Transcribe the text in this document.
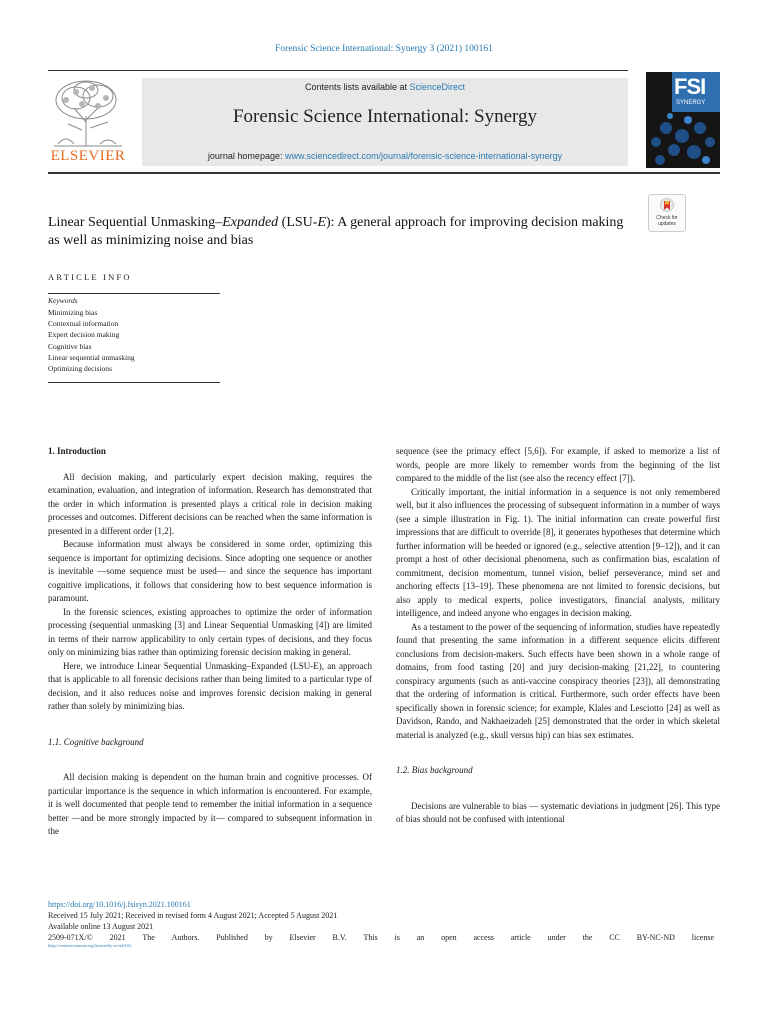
Forensic Science International: Synergy 3 (2021) 100161
ELSEVIER
Contents lists available at ScienceDirect
Forensic Science International: Synergy
journal homepage: www.sciencedirect.com/journal/forensic-science-international-synergy
FSI
SYNERGY
Linear Sequential Unmasking–Expanded (LSU-E): A general approach for improving decision making as well as minimizing noise and bias
Check for updates
ARTICLE INFO
Keywords
Minimizing bias
Contextual information
Expert decision making
Cognitive bias
Linear sequential unmasking
Optimizing decisions
1. Introduction

All decision making, and particularly expert decision making, requires the examination, evaluation, and integration of information. Research has demonstrated that the order in which information is presented plays a critical role in decision making processes and outcomes. Different decisions can be reached when the same information is presented in a different order [1,2].

Because information must always be considered in some order, optimizing this sequence is important for optimizing decisions. Since adopting one sequence or another is inevitable —some sequence must be used— and since the sequence has important cognitive implications, it follows that considering how to best sequence information is paramount.

In the forensic sciences, existing approaches to optimize the order of information processing (sequential unmasking [3] and Linear Sequential Unmasking [4]) are limited in terms of their narrow applicability to only certain types of decisions, and they focus only on minimizing bias rather than optimizing forensic decision making in general.

Here, we introduce Linear Sequential Unmasking–Expanded (LSU-E), an approach that is applicable to all forensic decisions rather than being limited to a particular type of decision, and it also reduces noise and improves forensic decision making in general rather than solely by minimizing bias.

1.1. Cognitive background

All decision making is dependent on the human brain and cognitive processes. Of particular importance is the sequence in which information is encountered. For example, it is well documented that people tend to remember the initial information in a sequence better —and be more strongly impacted by it— compared to subsequent information in the

sequence (see the primacy effect [5,6]). For example, if asked to memorize a list of words, people are more likely to remember words from the beginning of the list compared to the middle of the list (see also the recency effect [7]).

Critically important, the initial information in a sequence is not only remembered well, but it also influences the processing of subsequent information in a number of ways (see a simple illustration in Fig. 1). The initial information can create powerful first impressions that are difficult to override [8], it generates hypotheses that determine which further information will be heeded or ignored (e.g., selective attention [9–12]), and it can prompt a host of other decisional phenomena, such as confirmation bias, escalation of commitment, decision momentum, tunnel vision, belief perseverance, mind set and anchoring effects [13–19]. These phenomena are not limited to forensic decisions, but also apply to medical experts, police investigators, financial analysts, military intelligence, and indeed anyone who engages in decision making.

As a testament to the power of the sequencing of information, studies have repeatedly found that presenting the same information in a different sequence elicits different conclusions from decision-makers. Such effects have been shown in a whole range of domains, from food tasting [20] and jury decision-making [21,22], to countering conspiracy arguments (such as anti-vaccine conspiracy theories [23]), all demonstrating that the ordering of information is critical. Furthermore, such order effects have been specifically shown in forensic science; for example, Klales and Lesciotto [24] as well as Davidson, Rando, and Nakhaeizadeh [25] demonstrated that the order in which skeletal material is analyzed (e.g., skull versus hip) can bias sex estimates.

1.2. Bias background

Decisions are vulnerable to bias — systematic deviations in judgment [26]. This type of bias should not be confused with intentional

https://doi.org/10.1016/j.fsisyn.2021.100161
Received 15 July 2021; Received in revised form 4 August 2021; Accepted 5 August 2021
Available online 13 August 2021
2509-071X/© 2021 The Authors. Published by Elsevier B.V. This is an open access article under the CC BY-NC-ND license
(http://creativecommons.org/licenses/by-nc-nd/4.0/).
